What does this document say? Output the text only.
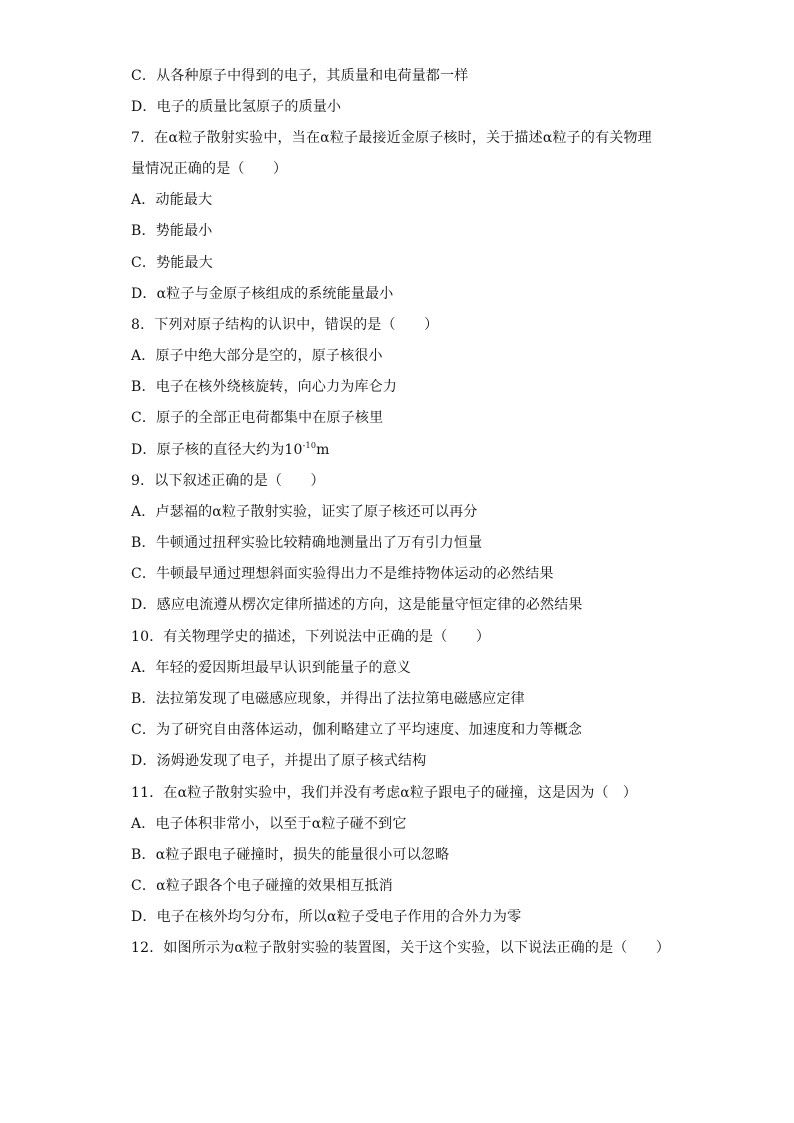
C．从各种原子中得到的电子，其质量和电荷量都一样
D．电子的质量比氢原子的质量小
7．在α粒子散射实验中，当在α粒子最接近金原子核时，关于描述α粒子的有关物理
量情况正确的是（　　）
A．动能最大
B．势能最小
C．势能最大
D．α粒子与金原子核组成的系统能量最小
8．下列对原子结构的认识中，错误的是（　　）
A．原子中绝大部分是空的，原子核很小
B．电子在核外绕核旋转，向心力为库仑力
C．原子的全部正电荷都集中在原子核里
D．原子核的直径大约为$10^{-10}m$
9．以下叙述正确的是（　　）
A．卢瑟福的α粒子散射实验，证实了原子核还可以再分
B．牛顿通过扭秤实验比较精确地测量出了万有引力恒量
C．牛顿最早通过理想斜面实验得出力不是维持物体运动的必然结果
D．感应电流遵从楞次定律所描述的方向，这是能量守恒定律的必然结果
10．有关物理学史的描述，下列说法中正确的是（　　）
A．年轻的爱因斯坦最早认识到能量子的意义
B．法拉第发现了电磁感应现象，并得出了法拉第电磁感应定律
C．为了研究自由落体运动，伽利略建立了平均速度、加速度和力等概念
D．汤姆逊发现了电子，并提出了原子核式结构
11．在α粒子散射实验中，我们并没有考虑α粒子跟电子的碰撞，这是因为（　）
A．电子体积非常小，以至于α粒子碰不到它
B．α粒子跟电子碰撞时，损失的能量很小可以忽略
C．α粒子跟各个电子碰撞的效果相互抵消
D．电子在核外均匀分布，所以α粒子受电子作用的合外力为零
12．如图所示为α粒子散射实验的装置图，关于这个实验，以下说法正确的是（　　）
